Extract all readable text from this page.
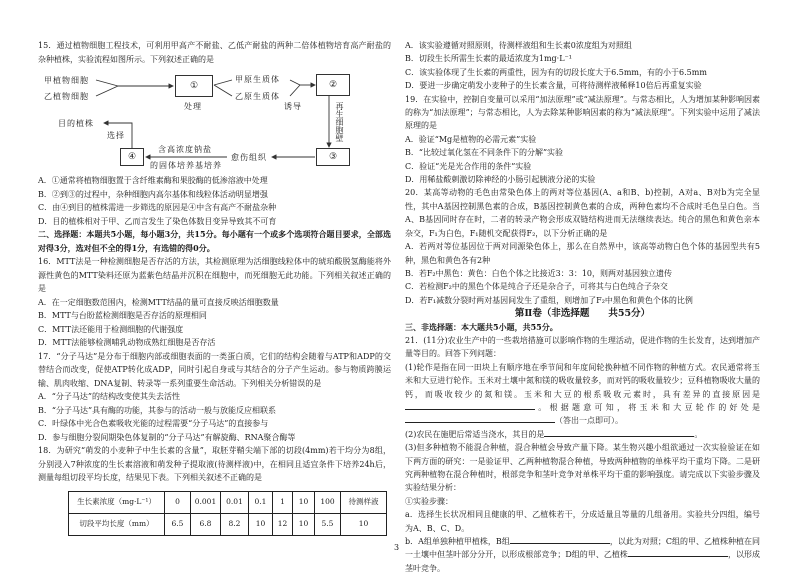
15．通过植物细胞工程技术，可利用甲高产不耐盐、乙低产耐盐的两种二倍体植物培育高产耐盐的杂种植株，实验流程如图所示。下列叙述正确的是

甲植物细胞
乙植物细胞
①
处理
甲原生质体
乙原生质体
②
诱导	再生细胞壁
③
愈伤组织
含高浓度钠盐
的固体培养基培养
④
选择
目的植株

A．①通常将植物细胞置于含纤维素酶和果胶酶的低渗溶液中处理

B．②到③的过程中，杂种细胞内高尔基体和线粒体活动明显增强

C．由④到目的植株需进一步筛选的原因是④中含有高产不耐盐杂种

D．目的植株相对于甲、乙而言发生了染色体数目变异导致其不可育

二、选择题：本题共5小题，每小题3分，共15分。每小题有一个或多个选项符合题目要求，全部选对得3分，选对但不全的得1分，有选错的得0分。

16．MTT法是一种检测细胞是否存活的方法，其检测原理为活细胞线粒体中的琥珀酸脱氢酶能将外源性黄色的MTT染料还原为蓝紫色结晶并沉积在细胞中，而死细胞无此功能。下列相关叙述正确的是

A．在一定细胞数范围内，检测MTT结晶的量可直接反映活细胞数量

B．MTT与台盼蓝检测细胞是否存活的原理相同

C．MTT法还能用于检测细胞的代谢强度

D．MTT法能够检测哺乳动物成熟红细胞是否存活

17．“分子马达”是分布于细胞内部或细胞表面的一类蛋白质，它们的结构会随着与ATP和ADP的交替结合而改变，促使ATP转化成ADP，同时引起自身或与其结合的分子产生运动。参与物质跨膜运输、肌肉收缩、DNA复制、转录等一系列重要生命活动。下列相关分析错误的是

A．“分子马达”的结构改变使其失去活性

B．“分子马达”具有酶的功能，其参与的活动一般与放能反应相联系

C．叶绿体中光合色素吸收光能的过程需要“分子马达”的直接参与

D．参与细胞分裂间期染色体复制的“分子马达”有解旋酶、RNA聚合酶等

18．为研究“萌发的小麦种子中生长素的含量”，取胚芽鞘尖端下部的切段(4mm)若干均分为8组，分别浸入7种浓度的生长素溶液和萌发种子提取液(待测样液)中，在相同且适宜条件下培养24h后，测量每组切段平均长度，结果见下表。下列相关叙述不正确的是

生长素浓度（mg·L⁻¹）	0	0.001	0.01	0.1	1	10	100	待测样液
切段平均长度（mm）	6.5	6.8	8.2	10	12	10	5.5	10

A．该实验遵循对照原则，待测样液组和生长素0浓度组为对照组

B．切段生长所需生长素的最适浓度为1mg·L⁻¹

C．该实验体现了生长素的两重性，因为有的切段长度大于6.5mm，有的小于6.5mm

D．要进一步确定萌发小麦种子的生长素含量，可将待测样液稀释10倍后再重复实验

19．在实验中，控制自变量可以采用“加法原理”或“减法原理”。与常态相比，人为增加某种影响因素的称为“加法原理”；与常态相比，人为去除某种影响因素的称为“减法原理”。下列实验中运用了减法原理的是

A．验证“Mg是植物的必需元素”实验

B．“比较过氧化氢在不同条件下的分解”实验

C．验证“光是光合作用的条件”实验

D．用稀盐酸刺激切除神经的小肠引起胰液分泌的实验

20．某高等动物的毛色由常染色体上的两对等位基因(A、a和B、b)控制，A对a、B对b为完全显性，其中A基因控制黑色素的合成，B基因控制黄色素的合成，两种色素均不合成时毛色呈白色。当A、B基因同时存在时，二者的转录产物会形成双链结构进而无法继续表达。纯合的黑色和黄色亲本杂交，F₁为白色，F₁随机交配获得F₂，以下分析正确的是

A．若两对等位基因位于两对同源染色体上，那么在自然界中，该高等动物白色个体的基因型共有5种，黑色和黄色各有2种

B．若F₂中黑色：黄色：白色个体之比接近3：3：10，则两对基因独立遗传

C．若检测F₂中的黑色个体是纯合子还是杂合子，可将其与白色纯合子杂交

D．若F₁减数分裂时两对基因间发生了重组，则增加了F₂中黑色和黄色个体的比例

第Ⅱ卷（非选择题　　共55分）

三、非选择题：本大题共5小题，共55分。

21．(11分)农业生产中的一些栽培措施可以影响作物的生理活动，促进作物的生长发育，达到增加产量等目的。回答下列问题：

(1)轮作是指在同一田块上有顺序地在季节间和年度间轮换种植不同作物的种植方式。农民通常将玉米和大豆进行轮作。玉米对土壤中氮和镁的吸收量较多，而对钙的吸收量较少；豆科植物吸收大量的钙，而吸收较少的氮和镁。玉米和大豆的根系吸收元素时，具有差异的直接原因是。根据题意可知，将玉米和大豆轮作的好处是（答出一点即可）。

(2)农民在施肥后常适当浇水，其目的是	。

(3)但多种植物不能混合种植，混合种植会导致产量下降。某生物兴趣小组欲通过一次实验验证在如下两方面的研究：一是验证甲、乙两种植物混合种植，导致两种植物的单株平均干重均下降。二是研究两种植物在混合种植时，根部竞争和茎叶竞争对单株平均干重的影响强度。请完成以下实验步骤及实验结果分析：

①实验步骤：

a．选择生长状况相同且健康的甲、乙植株若干，分成适量且等量的几组备用。实验共分四组，编号为A、B、C、D。

b．A组单独种植甲植株，B组	，以此为对照；C组的甲、乙植株种植在同一土壤中但茎叶部分分开，以形成根部竞争；D组的甲、乙植株	，以形成茎叶竞争。

3
